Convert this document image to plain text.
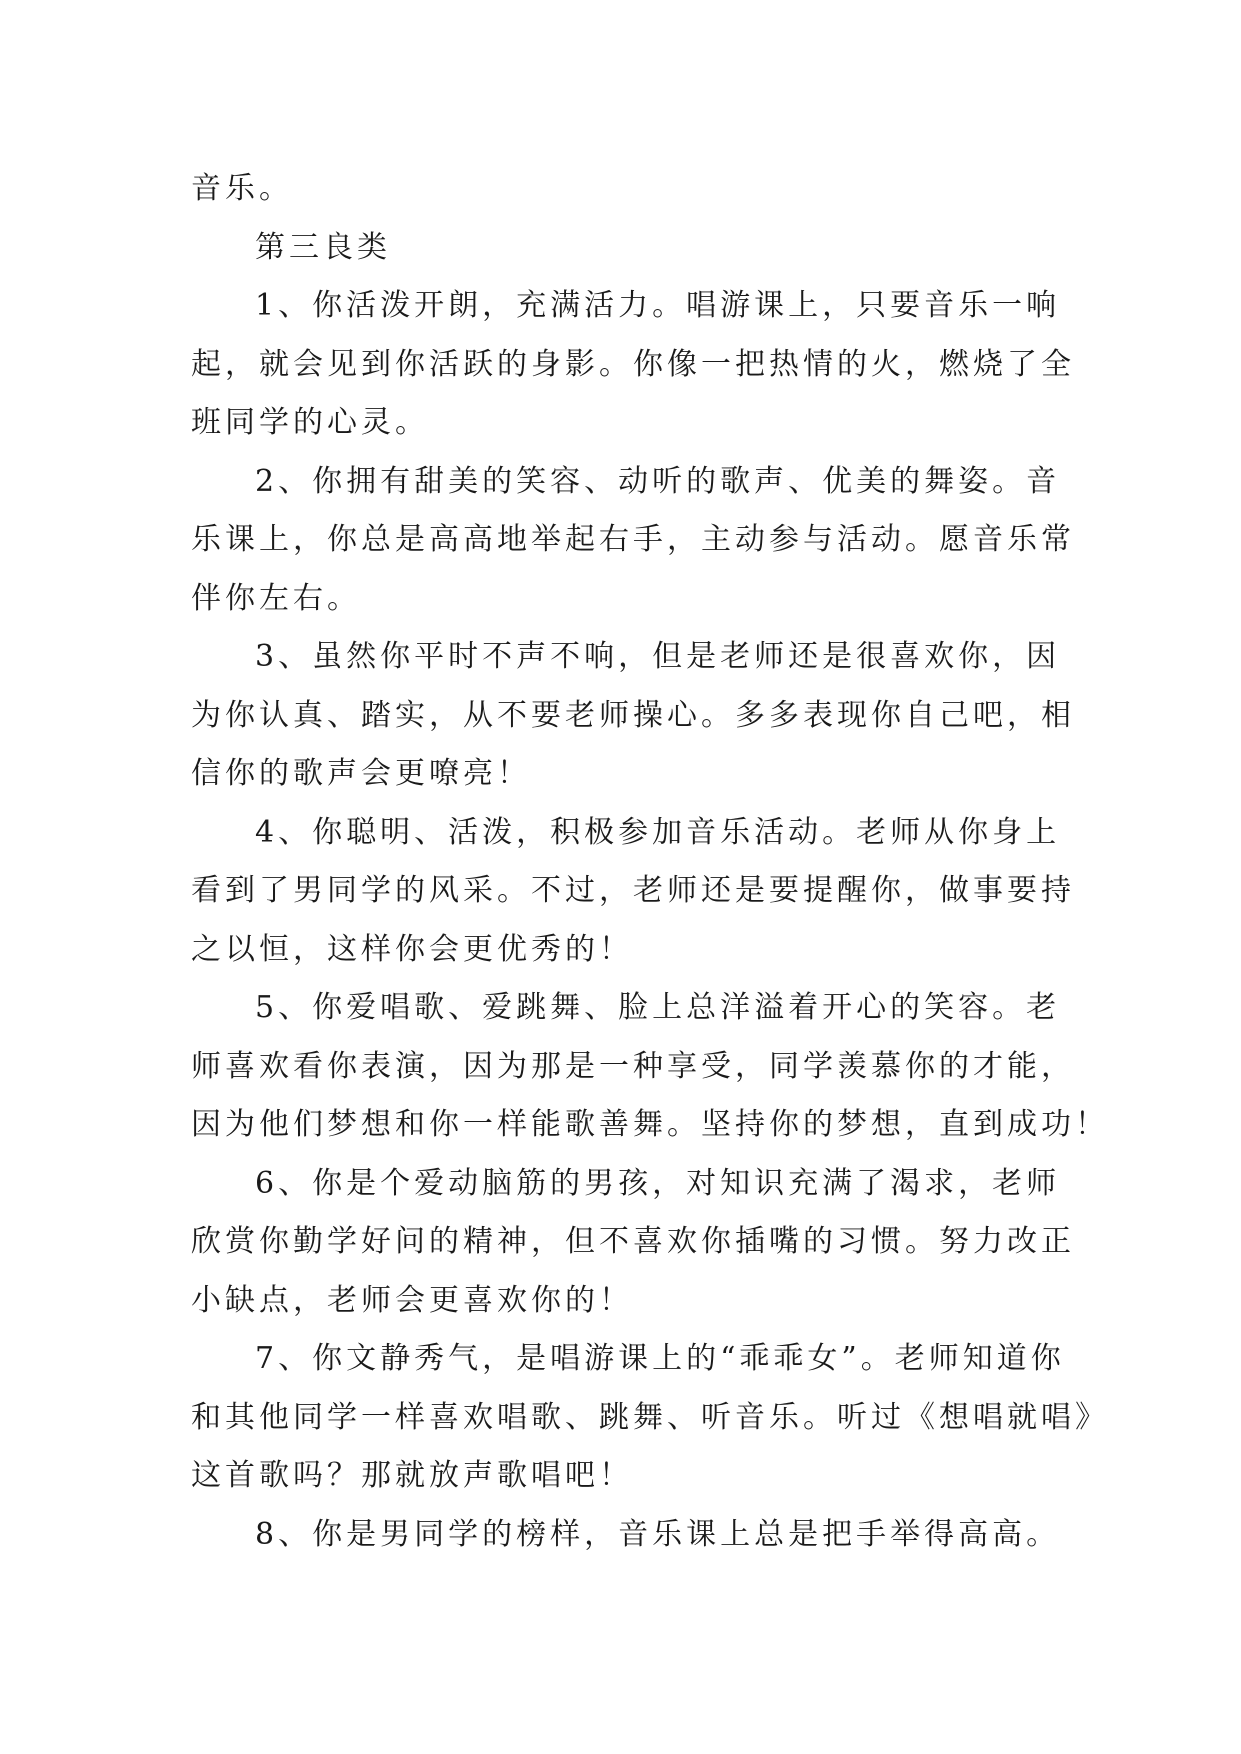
音乐。
第三良类
1、你活泼开朗，充满活力。唱游课上，只要音乐一响
起，就会见到你活跃的身影。你像一把热情的火，燃烧了全
班同学的心灵。
2、你拥有甜美的笑容、动听的歌声、优美的舞姿。音
乐课上，你总是高高地举起右手，主动参与活动。愿音乐常
伴你左右。
3、虽然你平时不声不响，但是老师还是很喜欢你，因
为你认真、踏实，从不要老师操心。多多表现你自己吧，相
信你的歌声会更嘹亮！
4、你聪明、活泼，积极参加音乐活动。老师从你身上
看到了男同学的风采。不过，老师还是要提醒你，做事要持
之以恒，这样你会更优秀的！
5、你爱唱歌、爱跳舞、脸上总洋溢着开心的笑容。老
师喜欢看你表演，因为那是一种享受，同学羡慕你的才能，
因为他们梦想和你一样能歌善舞。坚持你的梦想，直到成功！
6、你是个爱动脑筋的男孩，对知识充满了渴求，老师
欣赏你勤学好问的精神，但不喜欢你插嘴的习惯。努力改正
小缺点，老师会更喜欢你的！
7、你文静秀气，是唱游课上的“乖乖女”。老师知道你
和其他同学一样喜欢唱歌、跳舞、听音乐。听过《想唱就唱》
这首歌吗？那就放声歌唱吧！
8、你是男同学的榜样，音乐课上总是把手举得高高。
